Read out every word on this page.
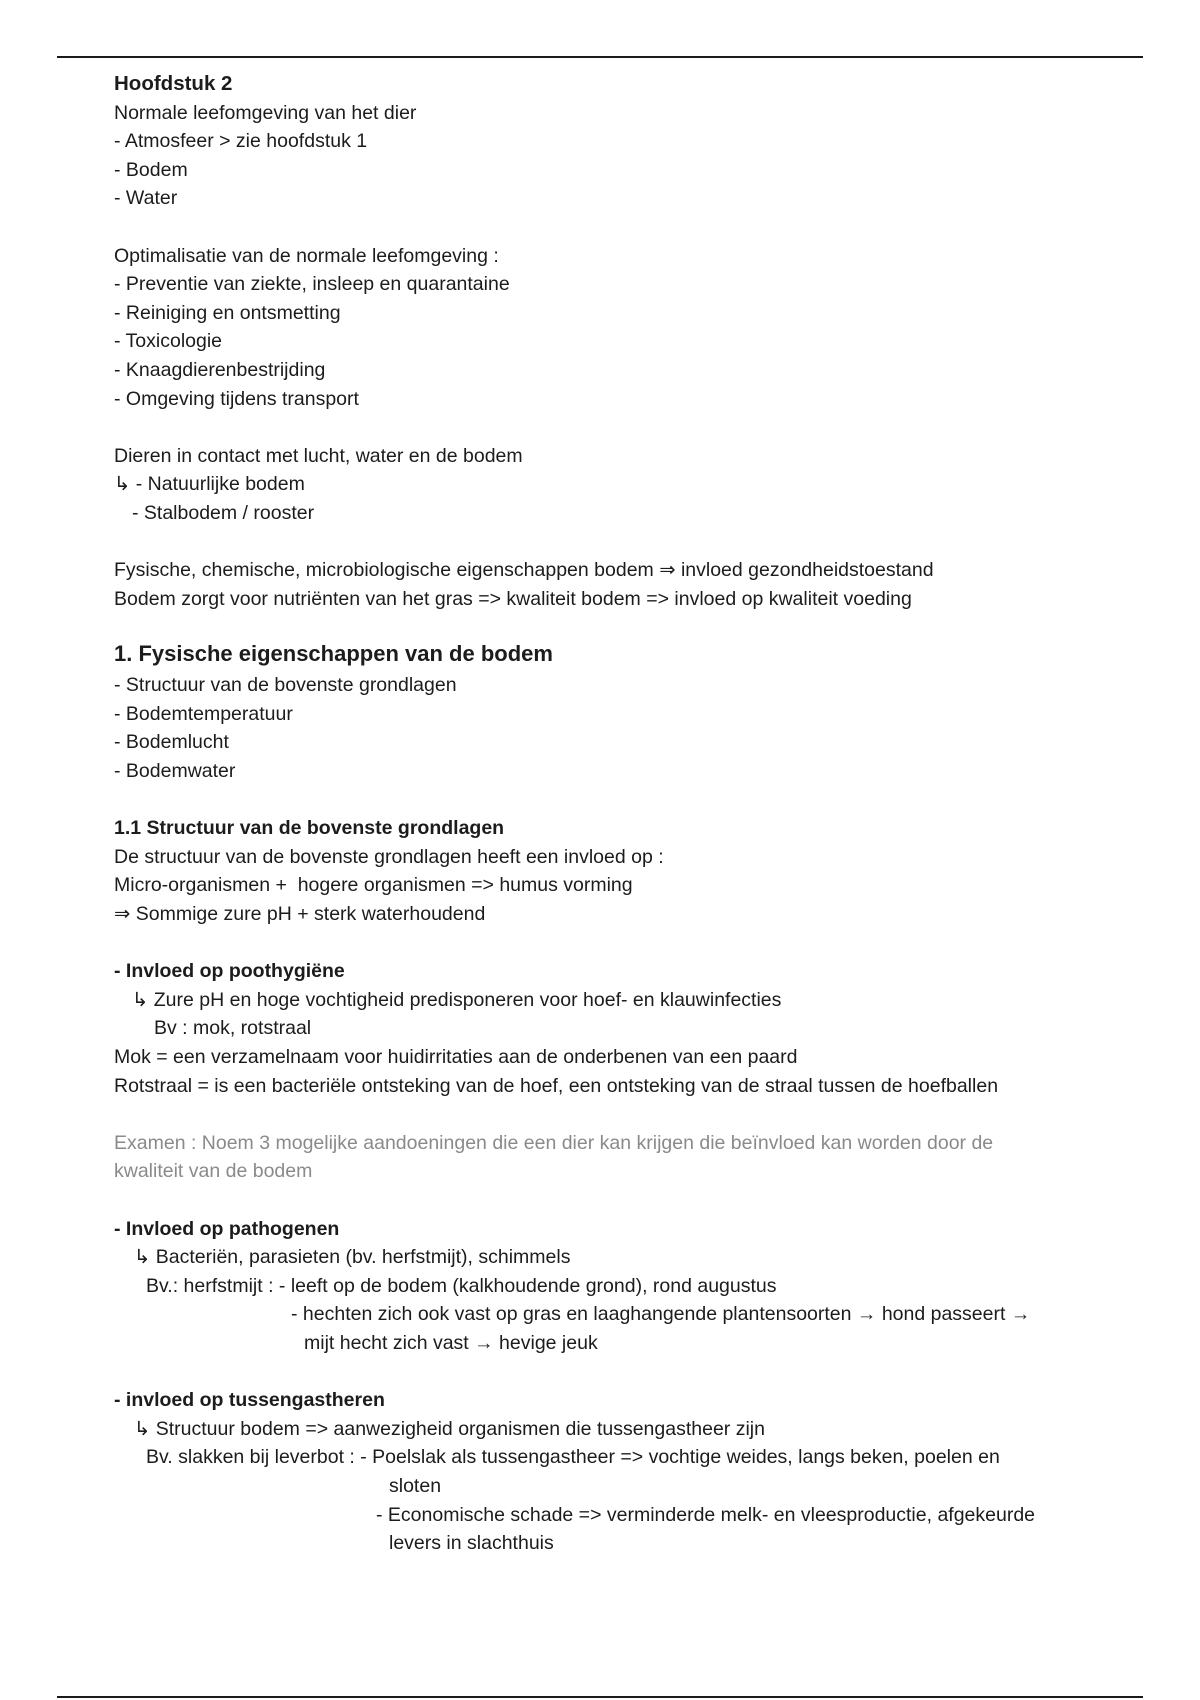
Hoofdstuk 2
Normale leefomgeving van het dier
- Atmosfeer > zie hoofdstuk 1
- Bodem
- Water
Optimalisatie van de normale leefomgeving :
- Preventie van ziekte, insleep en quarantaine
- Reiniging en ontsmetting
- Toxicologie
- Knaagdierenbestrijding
- Omgeving tijdens transport
Dieren in contact met lucht, water en de bodem
↳ - Natuurlijke bodem
- Stalbodem / rooster
Fysische, chemische, microbiologische eigenschappen bodem ⇒ invloed gezondheidstoestand
Bodem zorgt voor nutriënten van het gras => kwaliteit bodem => invloed op kwaliteit voeding
1. Fysische eigenschappen van de bodem
- Structuur van de bovenste grondlagen
- Bodemtemperatuur
- Bodemlucht
- Bodemwater
1.1 Structuur van de bovenste grondlagen
De structuur van de bovenste grondlagen heeft een invloed op :
Micro-organismen +  hogere organismen => humus vorming
⇒ Sommige zure pH + sterk waterhoudend
- Invloed op poothygiëne
↳ Zure pH en hoge vochtigheid predisponeren voor hoef- en klauwinfecties
Bv : mok, rotstraal
Mok = een verzamelnaam voor huidirritaties aan de onderbenen van een paard
Rotstraal = is een bacteriële ontsteking van de hoef, een ontsteking van de straal tussen de hoefballen
Examen : Noem 3 mogelijke aandoeningen die een dier kan krijgen die beïnvloed kan worden door de
kwaliteit van de bodem
- Invloed op pathogenen
↳ Bacteriën, parasieten (bv. herfstmijt), schimmels
Bv.: herfstmijt : - leeft op de bodem (kalkhoudende grond), rond augustus
- hechten zich ook vast op gras en laaghangende plantensoorten → hond passeert →
mijt hecht zich vast → hevige jeuk
- invloed op tussengastheren
↳ Structuur bodem => aanwezigheid organismen die tussengastheer zijn
Bv. slakken bij leverbot : - Poelslak als tussengastheer => vochtige weides, langs beken, poelen en
sloten
- Economische schade => verminderde melk- en vleesproductie, afgekeurde
levers in slachthuis
